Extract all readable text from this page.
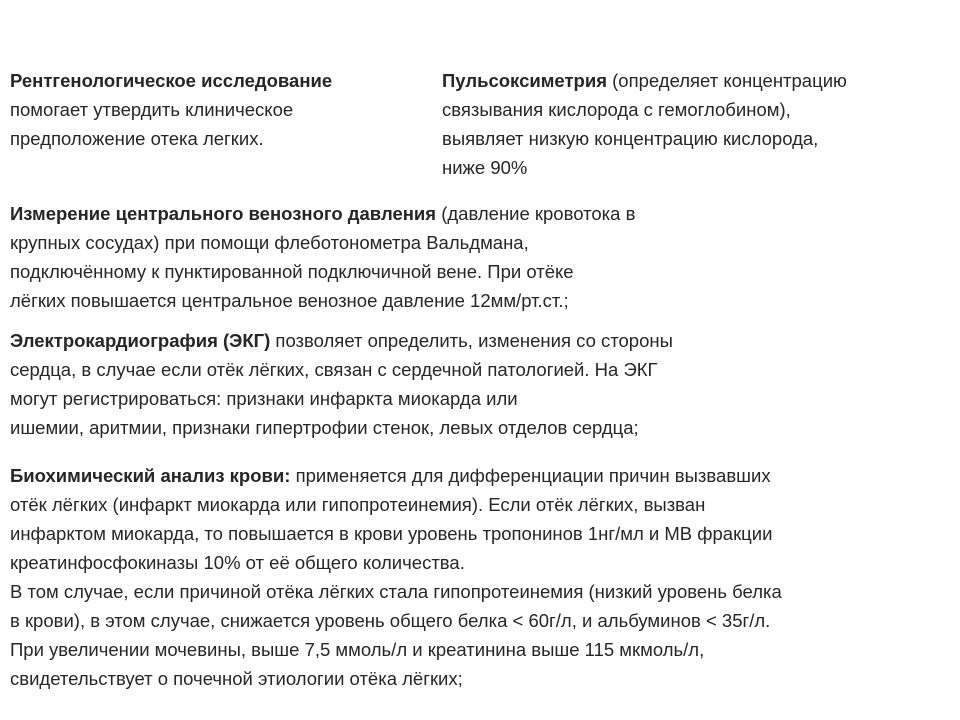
Рентгенологическое исследование
помогает утвердить клиническое
предположение отека легких.
Пульсоксиметрия (определяет концентрацию
связывания кислорода с гемоглобином),
выявляет низкую концентрацию кислорода,
ниже 90%
Измерение центрального венозного давления (давление кровотока в
крупных сосудах) при помощи флеботонометра Вальдмана,
подключённому к пунктированной подключичной вене. При отёке
лёгких повышается центральное венозное давление 12мм/рт.ст.;
Электрокардиография (ЭКГ) позволяет определить, изменения со стороны
сердца, в случае если отёк лёгких, связан с сердечной патологией. На ЭКГ
могут регистрироваться: признаки инфаркта миокарда или
ишемии, аритмии, признаки гипертрофии стенок, левых отделов сердца;
Биохимический анализ крови: применяется для дифференциации причин вызвавших
отёк лёгких (инфаркт миокарда или гипопротеинемия). Если отёк лёгких, вызван
инфарктом миокарда, то повышается в крови уровень тропонинов 1нг/мл и МВ фракции
креатинфосфокиназы 10% от её общего количества.
В том случае, если причиной отёка лёгких стала гипопротеинемия (низкий уровень белка
в крови), в этом случае, снижается уровень общего белка < 60г/л, и альбуминов < 35г/л.
При увеличении мочевины, выше 7,5 ммоль/л и креатинина выше 115 мкмоль/л,
свидетельствует о почечной этиологии отёка лёгких;
